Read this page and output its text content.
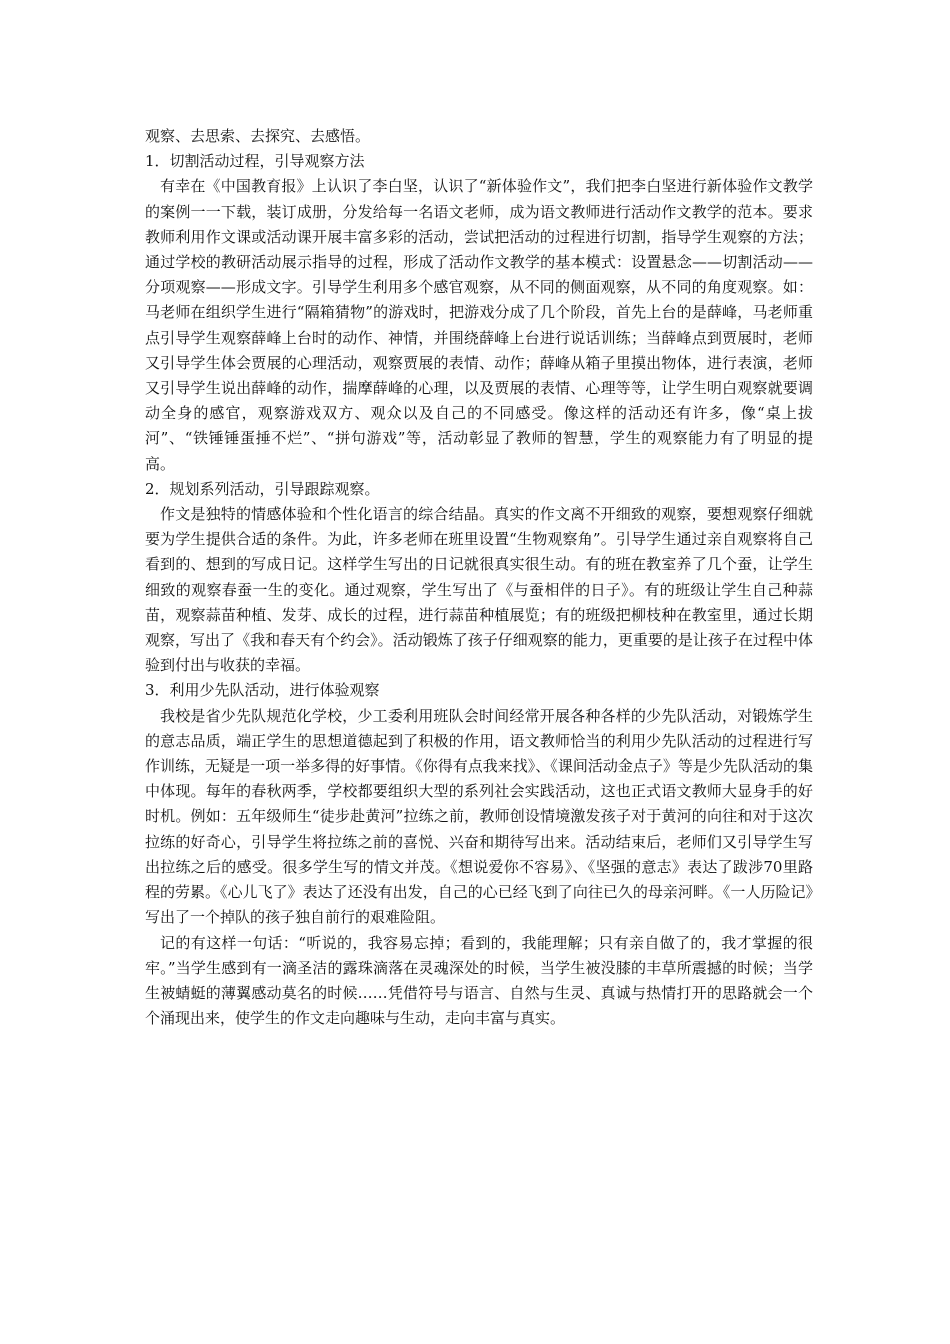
观察、去思索、去探究、去感悟。

1．切割活动过程，引导观察方法

有幸在《中国教育报》上认识了李白坚，认识了“新体验作文”，我们把李白坚进行新体验作文教学的案例一一下载，装订成册，分发给每一名语文老师，成为语文教师进行活动作文教学的范本。要求教师利用作文课或活动课开展丰富多彩的活动，尝试把活动的过程进行切割，指导学生观察的方法；通过学校的教研活动展示指导的过程，形成了活动作文教学的基本模式：设置悬念——切割活动——分项观察——形成文字。引导学生利用多个感官观察，从不同的侧面观察，从不同的角度观察。如：马老师在组织学生进行“隔箱猜物”的游戏时，把游戏分成了几个阶段，首先上台的是薛峰，马老师重点引导学生观察薛峰上台时的动作、神情，并围绕薛峰上台进行说话训练；当薛峰点到贾展时，老师又引导学生体会贾展的心理活动，观察贾展的表情、动作；薛峰从箱子里摸出物体，进行表演，老师又引导学生说出薛峰的动作，揣摩薛峰的心理，以及贾展的表情、心理等等，让学生明白观察就要调动全身的感官，观察游戏双方、观众以及自己的不同感受。像这样的活动还有许多，像“桌上拔河”、“铁锤锤蛋捶不烂”、“拼句游戏”等，活动彰显了教师的智慧，学生的观察能力有了明显的提高。

2．规划系列活动，引导跟踪观察。

作文是独特的情感体验和个性化语言的综合结晶。真实的作文离不开细致的观察，要想观察仔细就要为学生提供合适的条件。为此，许多老师在班里设置“生物观察角”。引导学生通过亲自观察将自己看到的、想到的写成日记。这样学生写出的日记就很真实很生动。有的班在教室养了几个蚕，让学生细致的观察春蚕一生的变化。通过观察，学生写出了《与蚕相伴的日子》。有的班级让学生自己种蒜苗，观察蒜苗种植、发芽、成长的过程，进行蒜苗种植展览；有的班级把柳枝种在教室里，通过长期观察，写出了《我和春天有个约会》。活动锻炼了孩子仔细观察的能力，更重要的是让孩子在过程中体验到付出与收获的幸福。

3．利用少先队活动，进行体验观察

我校是省少先队规范化学校，少工委利用班队会时间经常开展各种各样的少先队活动，对锻炼学生的意志品质，端正学生的思想道德起到了积极的作用，语文教师恰当的利用少先队活动的过程进行写作训练，无疑是一项一举多得的好事情。《你得有点我来找》、《课间活动金点子》等是少先队活动的集中体现。每年的春秋两季，学校都要组织大型的系列社会实践活动，这也正式语文教师大显身手的好时机。例如：五年级师生“徒步赴黄河”拉练之前，教师创设情境激发孩子对于黄河的向往和对于这次拉练的好奇心，引导学生将拉练之前的喜悦、兴奋和期待写出来。活动结束后，老师们又引导学生写出拉练之后的感受。很多学生写的情文并茂。《想说爱你不容易》、《坚强的意志》表达了跋涉70里路程的劳累。《心儿飞了》表达了还没有出发，自己的心已经飞到了向往已久的母亲河畔。《一人历险记》写出了一个掉队的孩子独自前行的艰难险阻。

记的有这样一句话：“听说的，我容易忘掉；看到的，我能理解；只有亲自做了的，我才掌握的很牢。”当学生感到有一滴圣洁的露珠滴落在灵魂深处的时候，当学生被没膝的丰草所震撼的时候；当学生被蜻蜓的薄翼感动莫名的时候……凭借符号与语言、自然与生灵、真诚与热情打开的思路就会一个个涌现出来，使学生的作文走向趣味与生动，走向丰富与真实。
